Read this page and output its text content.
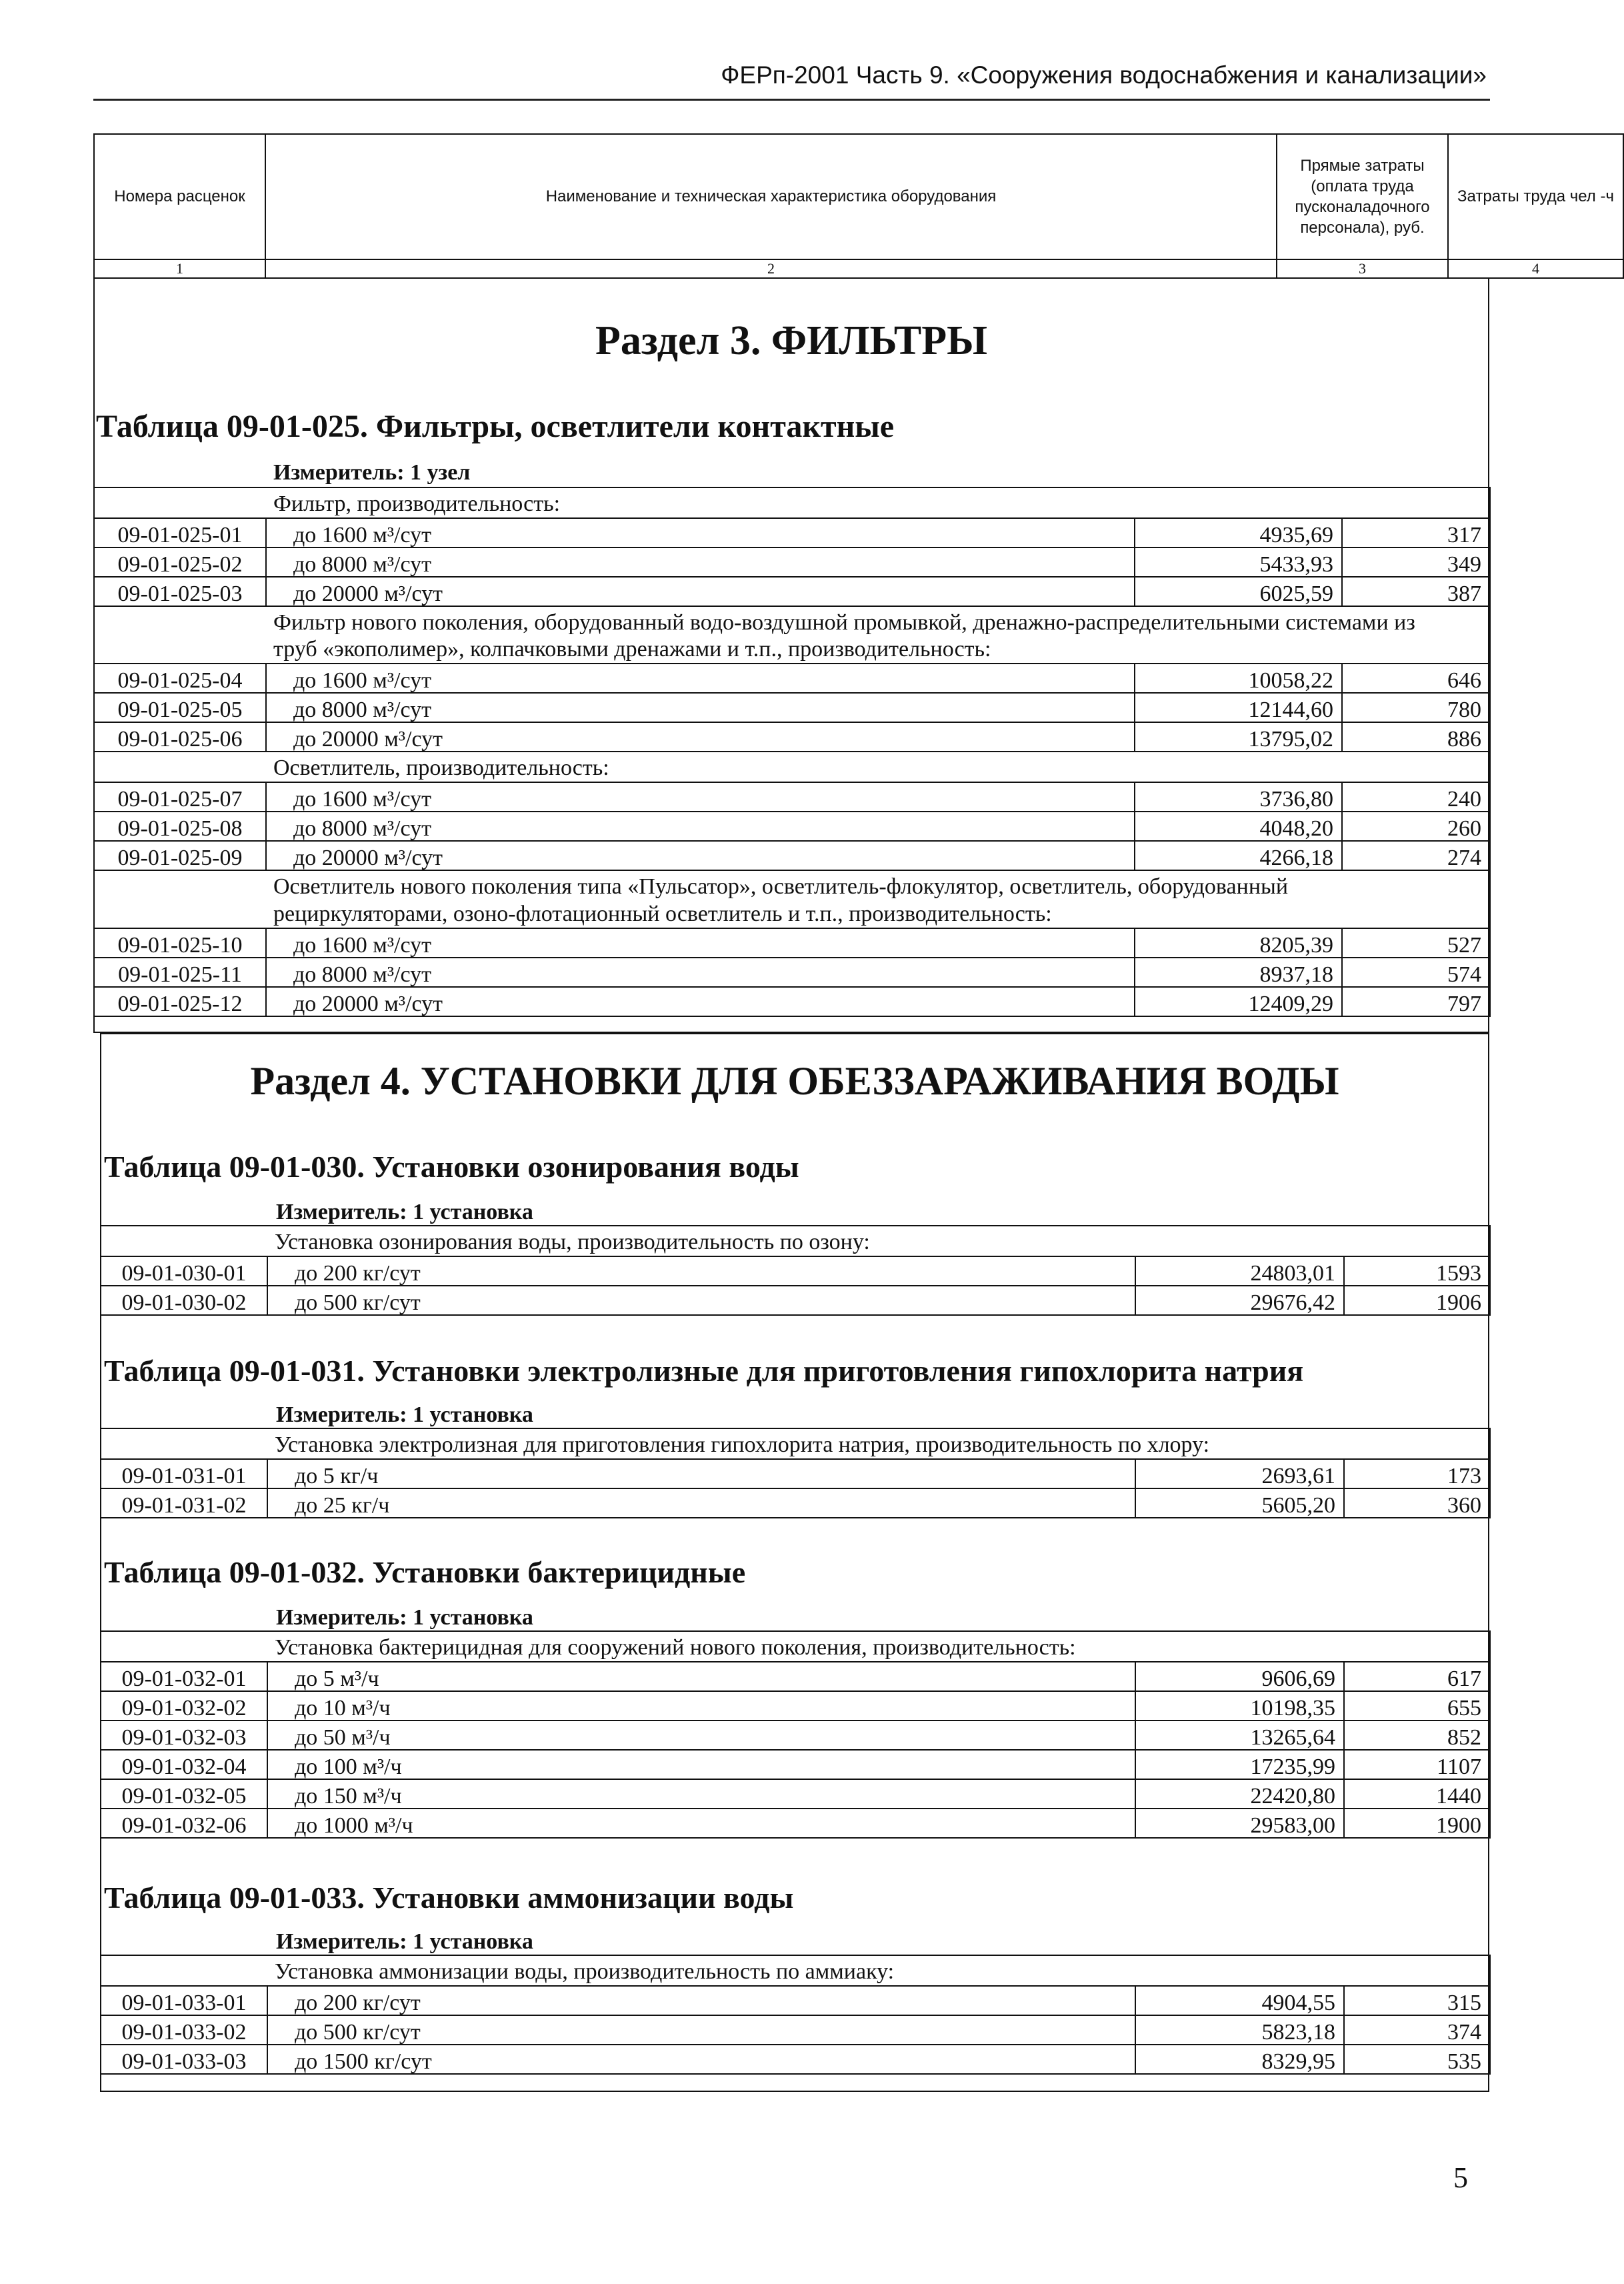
ФЕРп-2001 Часть 9. «Сооружения водоснабжения и канализации»
Номера расценок	Наименование и техническая характеристика оборудования	Прямые затраты (оплата труда пусконаладочного персонала), руб.	Затраты труда чел -ч
1	2	3	4
Раздел 3. ФИЛЬТРЫ
Таблица 09-01-025. Фильтры, осветлители контактные
Измеритель: 1 узел
Фильтр, производительность:			
09-01-025-01	до 1600 м³/сут	4935,69	317
09-01-025-02	до 8000 м³/сут	5433,93	349
09-01-025-03	до 20000 м³/сут	6025,59	387
Фильтр нового поколения, оборудованный водо-воздушной промывкой, дренажно-распределительными системами из труб «экополимер», колпачковыми дренажами и т.п., производительность:			
09-01-025-04	до 1600 м³/сут	10058,22	646
09-01-025-05	до 8000 м³/сут	12144,60	780
09-01-025-06	до 20000 м³/сут	13795,02	886
Осветлитель, производительность:			
09-01-025-07	до 1600 м³/сут	3736,80	240
09-01-025-08	до 8000 м³/сут	4048,20	260
09-01-025-09	до 20000 м³/сут	4266,18	274
Осветлитель нового поколения типа «Пульсатор», осветлитель-флокулятор, осветлитель, оборудованный рециркуляторами, озоно-флотационный осветлитель и т.п., производительность:			
09-01-025-10	до 1600 м³/сут	8205,39	527
09-01-025-11	до 8000 м³/сут	8937,18	574
09-01-025-12	до 20000 м³/сут	12409,29	797
Раздел 4. УСТАНОВКИ ДЛЯ ОБЕЗЗАРАЖИВАНИЯ ВОДЫ
Таблица 09-01-030. Установки озонирования воды
Измеритель: 1 установка
Установка озонирования воды, производительность по озону:			
09-01-030-01	до 200 кг/сут	24803,01	1593
09-01-030-02	до 500 кг/сут	29676,42	1906
Таблица 09-01-031. Установки электролизные для приготовления гипохлорита натрия
Измеритель: 1 установка
Установка электролизная для приготовления гипохлорита натрия, производительность по хлору:			
09-01-031-01	до 5 кг/ч	2693,61	173
09-01-031-02	до 25 кг/ч	5605,20	360
Таблица 09-01-032. Установки бактерицидные
Измеритель: 1 установка
Установка бактерицидная для сооружений нового поколения, производительность:			
09-01-032-01	до 5 м³/ч	9606,69	617
09-01-032-02	до 10 м³/ч	10198,35	655
09-01-032-03	до 50 м³/ч	13265,64	852
09-01-032-04	до 100 м³/ч	17235,99	1107
09-01-032-05	до 150 м³/ч	22420,80	1440
09-01-032-06	до 1000 м³/ч	29583,00	1900
Таблица 09-01-033. Установки аммонизации воды
Измеритель: 1 установка
Установка аммонизации воды, производительность по аммиаку:			
09-01-033-01	до 200 кг/сут	4904,55	315
09-01-033-02	до 500 кг/сут	5823,18	374
09-01-033-03	до 1500 кг/сут	8329,95	535
5
